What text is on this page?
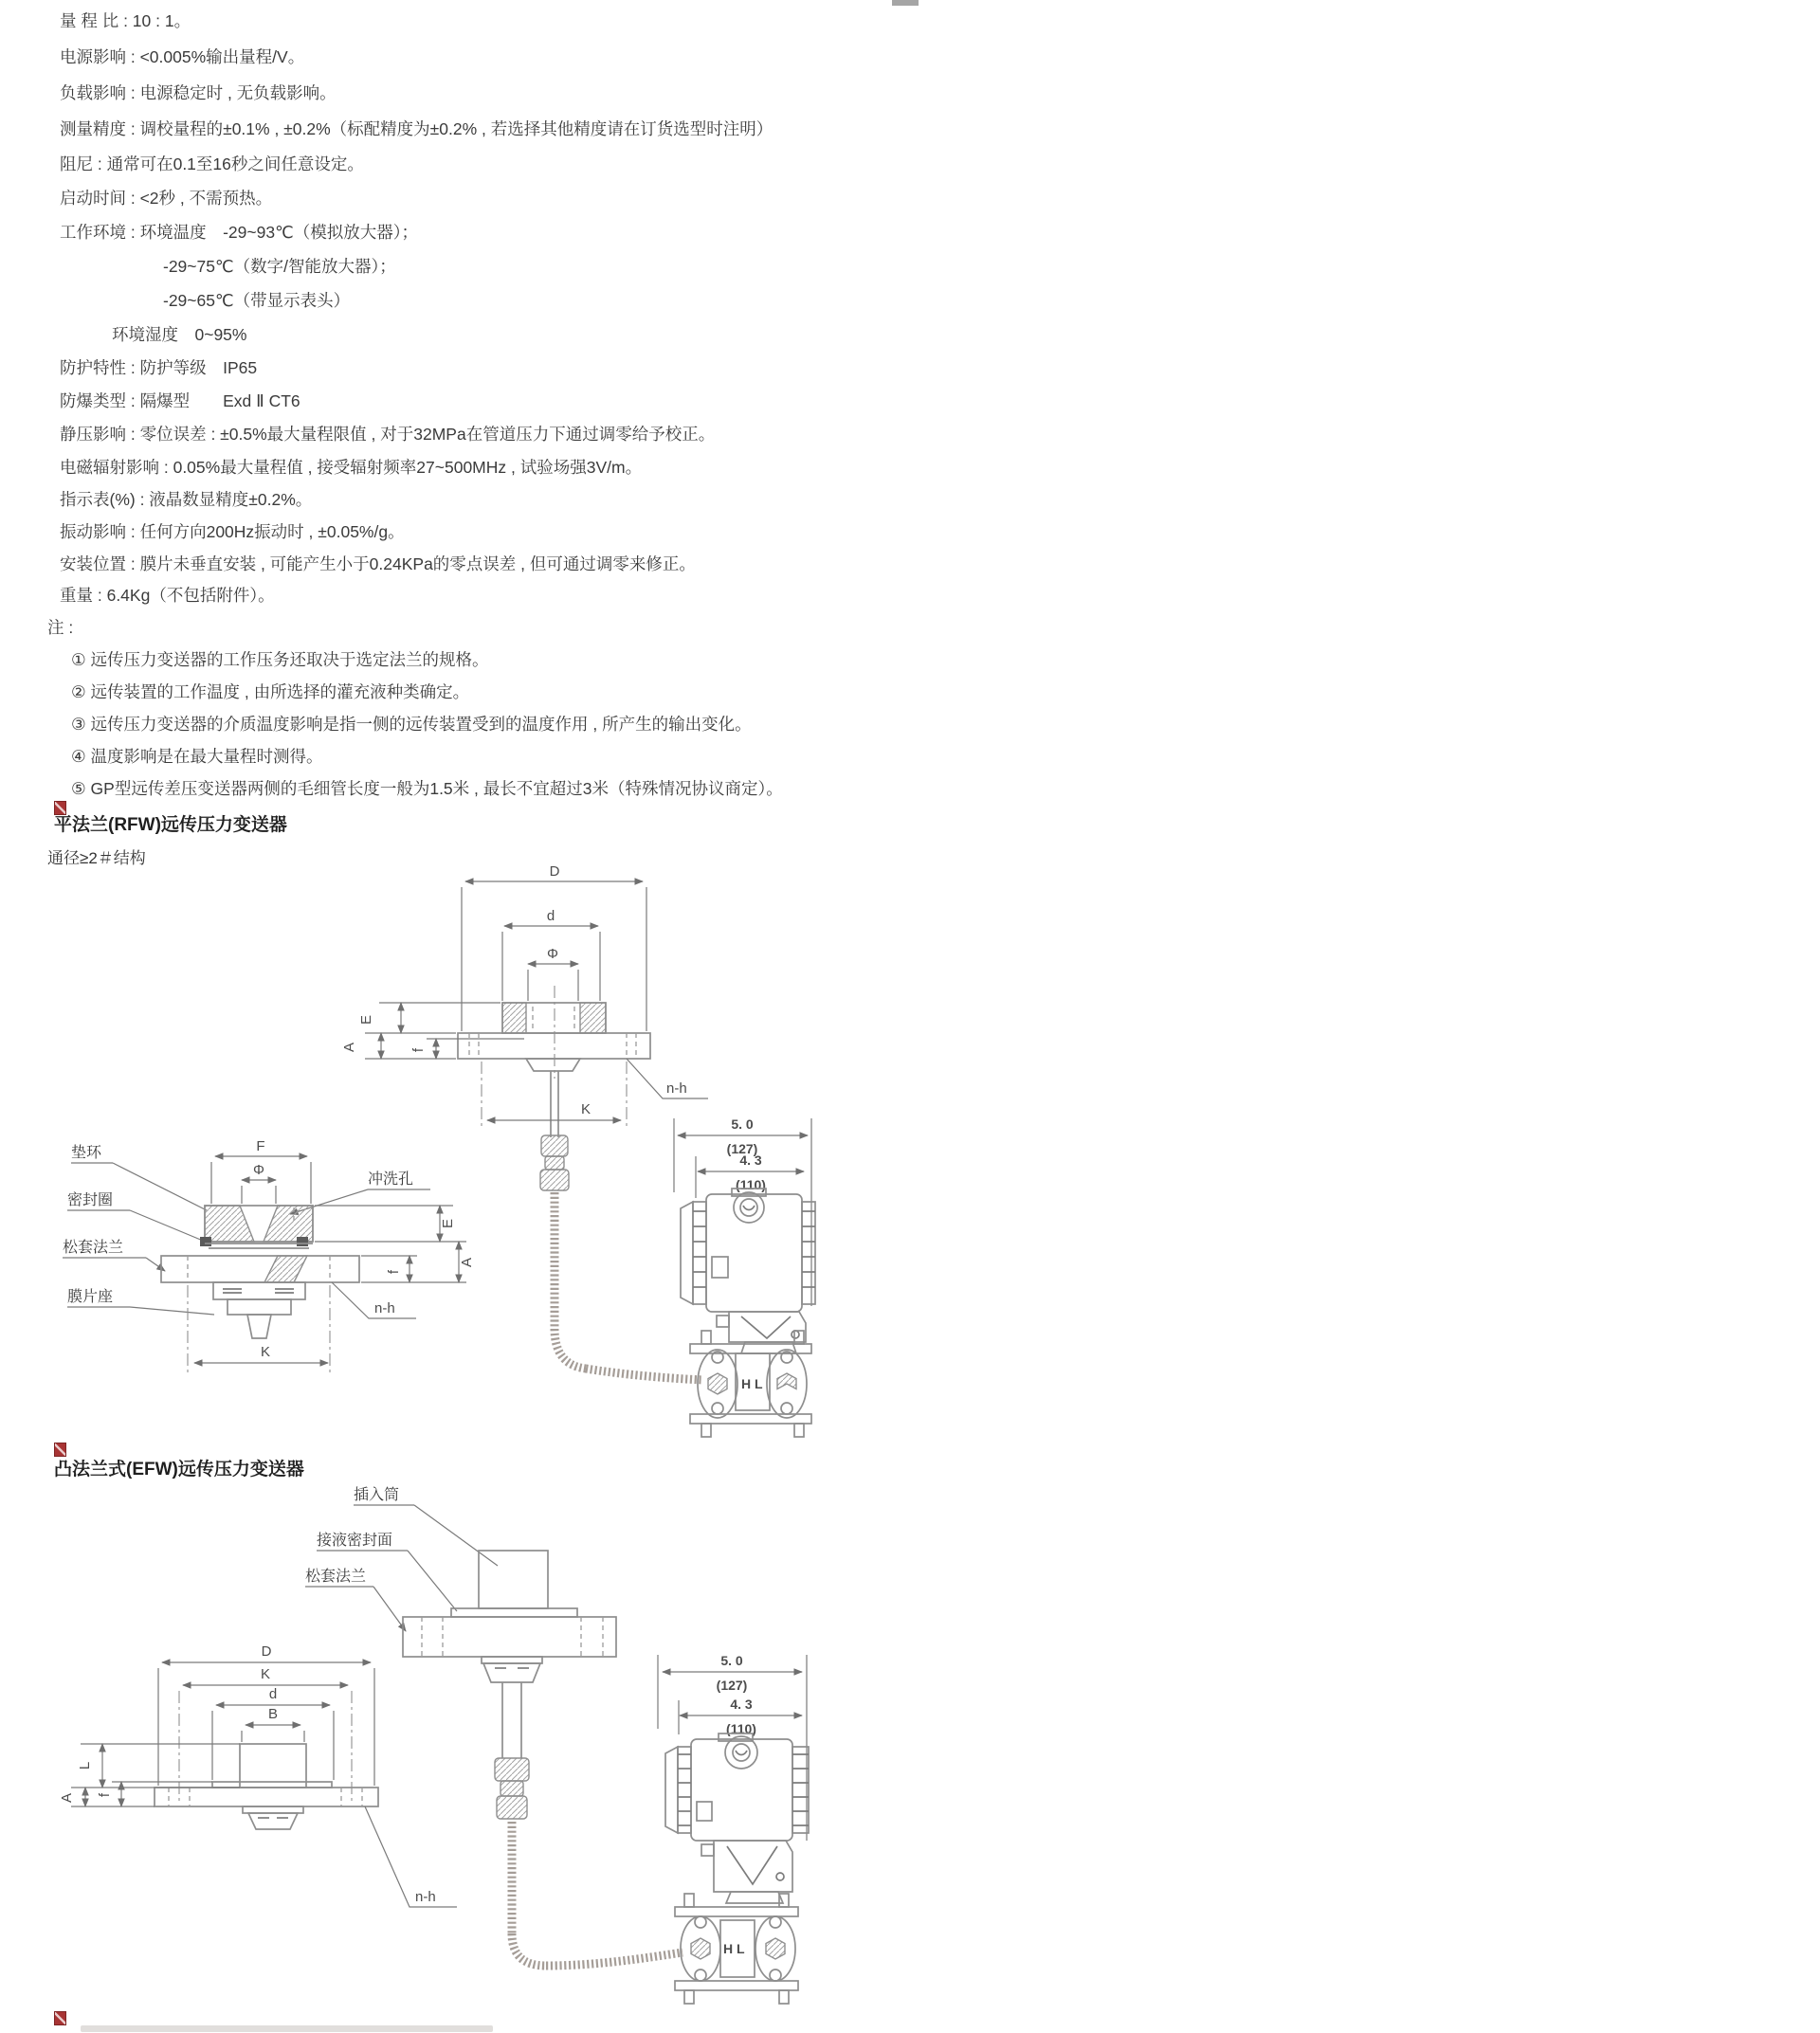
量 程 比 : 10 : 1。
电源影响 : <0.005%输出量程/V。
负载影响 : 电源稳定时 , 无负载影响。
测量精度 : 调校量程的±0.1% , ±0.2%（标配精度为±0.2% , 若选择其他精度请在订货选型时注明）
阻尼 : 通常可在0.1至16秒之间任意设定。
启动时间 : <2秒 , 不需预热。
工作环境 : 环境温度　-29~93℃（模拟放大器）；
-29~75℃（数字/智能放大器）；
-29~65℃（带显示表头）
环境湿度　0~95%
防护特性 : 防护等级　IP65
防爆类型 : 隔爆型　　Exd Ⅱ CT6
静压影响 : 零位误差 : ±0.5%最大量程限值 , 对于32MPa在管道压力下通过调零给予校正。
电磁辐射影响 : 0.05%最大量程值 , 接受辐射频率27~500MHz , 试验场强3V/m。
指示表(%) : 液晶数显精度±0.2%。
振动影响 : 任何方向200Hz振动时 , ±0.05%/g。
安装位置 : 膜片未垂直安装 , 可能产生小于0.24KPa的零点误差 , 但可通过调零来修正。
重量 : 6.4Kg（不包括附件）。
注 :
① 远传压力变送器的工作压务还取决于选定法兰的规格。
② 远传装置的工作温度 , 由所选择的灌充液种类确定。
③ 远传压力变送器的介质温度影响是指一侧的远传装置受到的温度作用 , 所产生的输出变化。
④ 温度影响是在最大量程时测得。
⑤ GP型远传差压变送器两侧的毛细管长度一般为1.5米 , 最长不宜超过3米（特殊情况协议商定）。
平法兰(RFW)远传压力变送器
通径≥2＃结构
D
d
Φ
E
A	f
K
n-h
垫环
密封圈
松套法兰
膜片座
冲洗孔
F
Φ
E
A
f
K
n-h
5. 0
(127)
4. 3
(110)
H L
凸法兰式(EFW)远传压力变送器
插入筒
接液密封面
松套法兰
D
K
d
B
L
A f
n-h
5. 0
(127)
4. 3
(110)
H L
